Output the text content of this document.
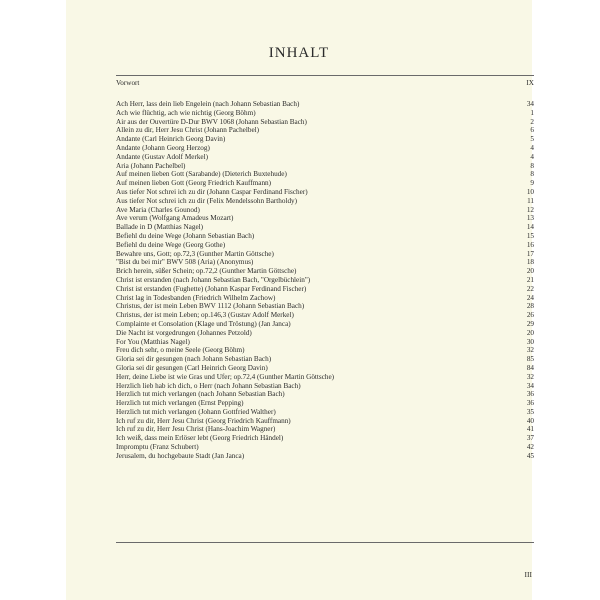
INHALT
Vorwort	IX
Ach Herr, lass dein lieb Engelein (nach Johann Sebastian Bach)	34
Ach wie flüchtig, ach wie nichtig (Georg Böhm)	1
Air aus der Ouvertüre D-Dur BWV 1068 (Johann Sebastian Bach)	2
Allein zu dir, Herr Jesu Christ (Johann Pachelbel)	6
Andante (Carl Heinrich Georg Davin)	5
Andante (Johann Georg Herzog)	4
Andante (Gustav Adolf Merkel)	4
Aria (Johann Pachelbel)	8
Auf meinen lieben Gott (Sarabande) (Dieterich Buxtehude)	8
Auf meinen lieben Gott (Georg Friedrich Kauffmann)	9
Aus tiefer Not schrei ich zu dir (Johann Caspar Ferdinand Fischer)	10
Aus tiefer Not schrei ich zu dir (Felix Mendelssohn Bartholdy)	11
Ave Maria (Charles Gounod)	12
Ave verum (Wolfgang Amadeus Mozart)	13
Ballade in D (Matthias Nagel)	14
Befiehl du deine Wege (Johann Sebastian Bach)	15
Befiehl du deine Wege (Georg Gothe)	16
Bewahre uns, Gott; op.72,3 (Gunther Martin Göttsche)	17
"Bist du bei mir" BWV 508 (Aria) (Anonymus)	18
Brich herein, süßer Schein; op.72,2 (Gunther Martin Göttsche)	20
Christ ist erstanden (nach Johann Sebastian Bach, "Orgelbüchlein")	21
Christ ist erstanden (Fughette) (Johann Kaspar Ferdinand Fischer)	22
Christ lag in Todesbanden (Friedrich Wilhelm Zachow)	24
Christus, der ist mein Leben BWV 1112 (Johann Sebastian Bach)	28
Christus, der ist mein Leben; op.146,3 (Gustav Adolf Merkel)	26
Complainte et Consolation (Klage und Tröstung) (Jan Janca)	29
Die Nacht ist vorgedrungen (Johannes Petzold)	20
For You (Matthias Nagel)	30
Freu dich sehr, o meine Seele (Georg Böhm)	32
Gloria sei dir gesungen (nach Johann Sebastian Bach)	85
Gloria sei dir gesungen (Carl Heinrich Georg Davin)	84
Herr, deine Liebe ist wie Gras und Ufer; op.72,4 (Gunther Martin Göttsche)	32
Herzlich lieb hab ich dich, o Herr (nach Johann Sebastian Bach)	34
Herzlich tut mich verlangen (nach Johann Sebastian Bach)	36
Herzlich tut mich verlangen (Ernst Pepping)	36
Herzlich tut mich verlangen (Johann Gottfried Walther)	35
Ich ruf zu dir, Herr Jesu Christ (Georg Friedrich Kauffmann)	40
Ich ruf zu dir, Herr Jesu Christ (Hans-Joachim Wagner)	41
Ich weiß, dass mein Erlöser lebt (Georg Friedrich Händel)	37
Impromptu (Franz Schubert)	42
Jerusalem, du hochgebaute Stadt (Jan Janca)	45
III
